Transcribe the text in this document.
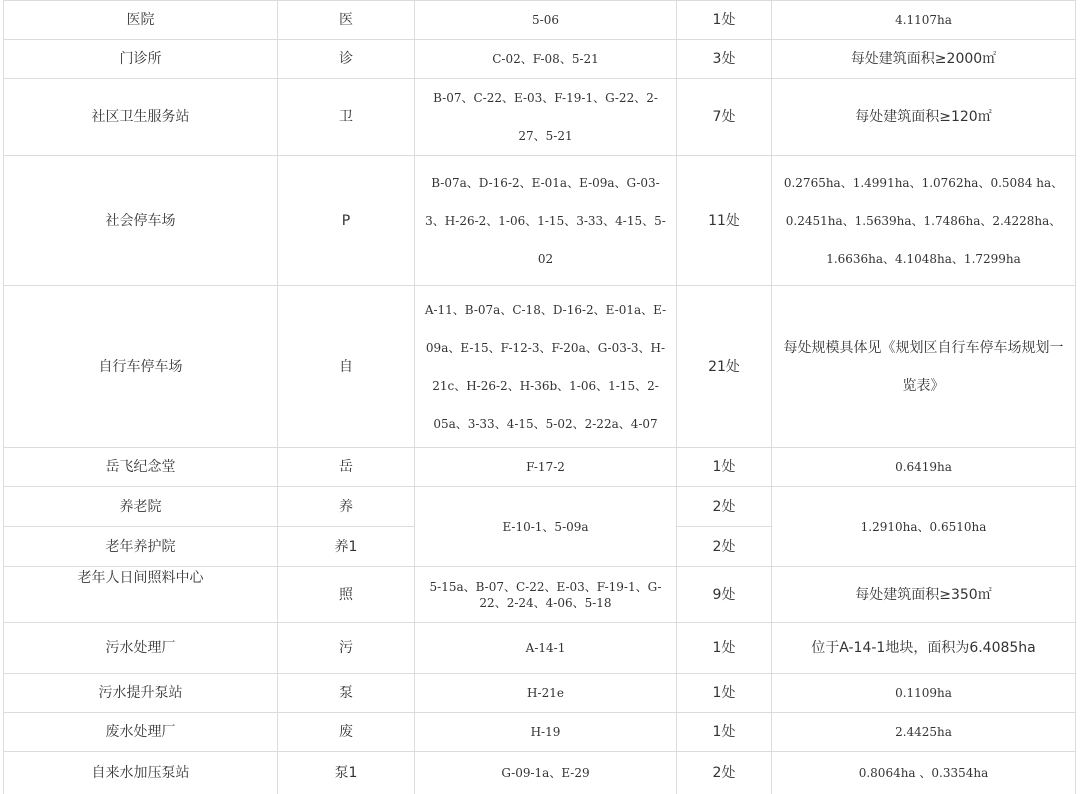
医院	医	5-06	1处	4.1107ha
门诊所	诊	C-02、F-08、5-21	3处	每处建筑面积≥2000㎡
社区卫生服务站	卫	B-07、C-22、E-03、F-19-1、G-22、2-27、5-21	7处	每处建筑面积≥120㎡
社会停车场	P	B-07a、D-16-2、E-01a、E-09a、G-03-3、H-26-2、1-06、1-15、3-33、4-15、5-02	11处	0.2765ha、1.4991ha、1.0762ha、0.5084 ha、0.2451ha、1.5639ha、1.7486ha、2.4228ha、1.6636ha、4.1048ha、1.7299ha
自行车停车场	自	A-11、B-07a、C-18、D-16-2、E-01a、E-09a、E-15、F-12-3、F-20a、G-03-3、H-21c、H-26-2、H-36b、1-06、1-15、2-05a、3-33、4-15、5-02、2-22a、4-07	21处	每处规模具体见《规划区自行车停车场规划一览表》
岳飞纪念堂	岳	F-17-2	1处	0.6419ha
养老院	养	E-10-1、5-09a	2处	1.2910ha、0.6510ha
老年养护院	养1		2处	
老年人日间照料中心	照	5-15a、B-07、C-22、E-03、F-19-1、G-22、2-24、4-06、5-18	9处	每处建筑面积≥350㎡
污水处理厂	污	A-14-1	1处	位于A-14-1地块，面积为6.4085ha
污水提升泵站	泵	H-21e	1处	0.1109ha
废水处理厂	废	H-19	1处	2.4425ha
自来水加压泵站	泵1	G-09-1a、E-29	2处	0.8064ha 、0.3354ha
